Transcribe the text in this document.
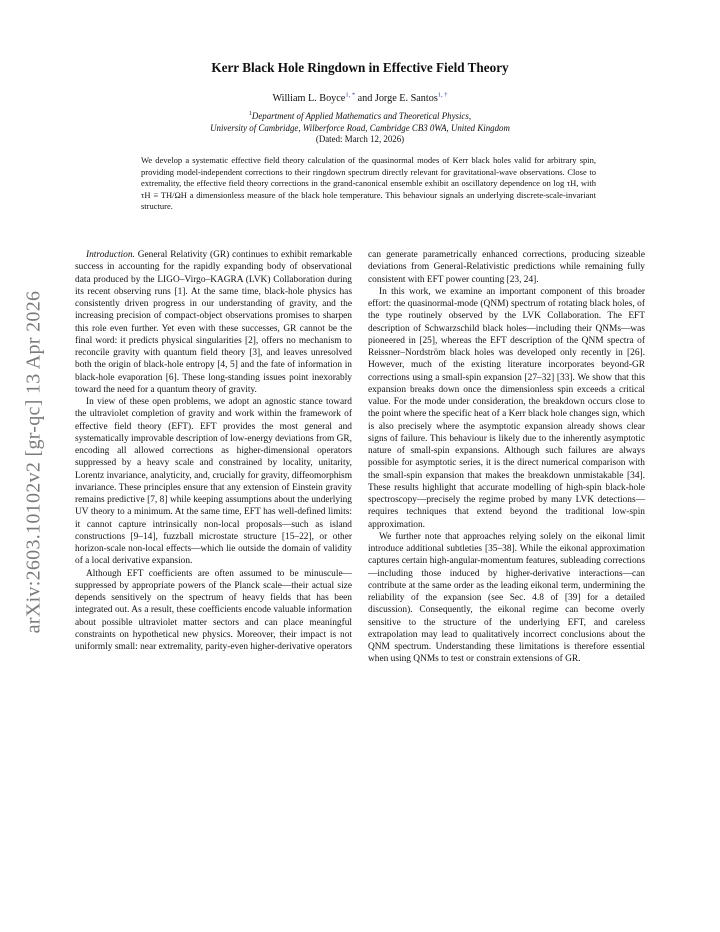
arXiv:2603.10102v2 [gr-qc] 13 Apr 2026
Kerr Black Hole Ringdown in Effective Field Theory
William L. Boyce$^{1, *}$ and Jorge E. Santos$^{1, \dagger}$
$^1$Department of Applied Mathematics and Theoretical Physics,
University of Cambridge, Wilberforce Road, Cambridge CB3 0WA, United Kingdom
(Dated: March 12, 2026)
We develop a systematic effective field theory calculation of the quasinormal modes of Kerr black holes valid for arbitrary spin, providing model-independent corrections to their ringdown spectrum directly relevant for gravitational-wave observations. Close to extremality, the effective field theory corrections in the grand-canonical ensemble exhibit an oscillatory dependence on log τH, with τH ≡ TH/ΩH a dimensionless measure of the black hole temperature. This behaviour signals an underlying discrete-scale-invariant structure.

Introduction. General Relativity (GR) continues to exhibit remarkable success in accounting for the rapidly expanding body of observational data produced by the LIGO–Virgo–KAGRA (LVK) Collaboration during its recent observing runs [1]. At the same time, black-hole physics has consistently driven progress in our understanding of gravity, and the increasing precision of compact-object observations promises to sharpen this role even further. Yet even with these successes, GR cannot be the final word: it predicts physical singularities [2], offers no mechanism to reconcile gravity with quantum field theory [3], and leaves unresolved both the origin of black-hole entropy [4, 5] and the fate of information in black-hole evaporation [6]. These long-standing issues point inexorably toward the need for a quantum theory of gravity.

In view of these open problems, we adopt an agnostic stance toward the ultraviolet completion of gravity and work within the framework of effective field theory (EFT). EFT provides the most general and systematically improvable description of low-energy deviations from GR, encoding all allowed corrections as higher-dimensional operators suppressed by a heavy scale and constrained by locality, unitarity, Lorentz invariance, analyticity, and, crucially for gravity, diffeomorphism invariance. These principles ensure that any extension of Einstein gravity remains predictive [7, 8] while keeping assumptions about the underlying UV theory to a minimum. At the same time, EFT has well-defined limits: it cannot capture intrinsically non-local proposals—such as island constructions [9–14], fuzzball microstate structure [15–22], or other horizon-scale non-local effects—which lie outside the domain of validity of a local derivative expansion.

Although EFT coefficients are often assumed to be minuscule—suppressed by appropriate powers of the Planck scale—their actual size depends sensitively on the spectrum of heavy fields that has been integrated out. As a result, these coefficients encode valuable information about possible ultraviolet matter sectors and can place meaningful constraints on hypothetical new physics. Moreover, their impact is not uniformly small: near extremality, parity-even higher-derivative operators

can generate parametrically enhanced corrections, producing sizeable deviations from General-Relativistic predictions while remaining fully consistent with EFT power counting [23, 24].

In this work, we examine an important component of this broader effort: the quasinormal-mode (QNM) spectrum of rotating black holes, of the type routinely observed by the LVK Collaboration. The EFT description of Schwarzschild black holes—including their QNMs—was pioneered in [25], whereas the EFT description of the QNM spectra of Reissner–Nordström black holes was developed only recently in [26]. However, much of the existing literature incorporates beyond-GR corrections using a small-spin expansion [27–32] [33]. We show that this expansion breaks down once the dimensionless spin exceeds a critical value. For the mode under consideration, the breakdown occurs close to the point where the specific heat of a Kerr black hole changes sign, which is also precisely where the asymptotic expansion already shows clear signs of failure. This behaviour is likely due to the inherently asymptotic nature of small-spin expansions. Although such failures are always possible for asymptotic series, it is the direct numerical comparison with the small-spin expansion that makes the breakdown unmistakable [34]. These results highlight that accurate modelling of high-spin black-hole spectroscopy—precisely the regime probed by many LVK detections—requires techniques that extend beyond the traditional low-spin approximation.

We further note that approaches relying solely on the eikonal limit introduce additional subtleties [35–38]. While the eikonal approximation captures certain high-angular-momentum features, subleading corrections—including those induced by higher-derivative interactions—can contribute at the same order as the leading eikonal term, undermining the reliability of the expansion (see Sec. 4.8 of [39] for a detailed discussion). Consequently, the eikonal regime can become overly sensitive to the structure of the underlying EFT, and careless extrapolation may lead to qualitatively incorrect conclusions about the QNM spectrum. Understanding these limitations is therefore essential when using QNMs to test or constrain extensions of GR.
